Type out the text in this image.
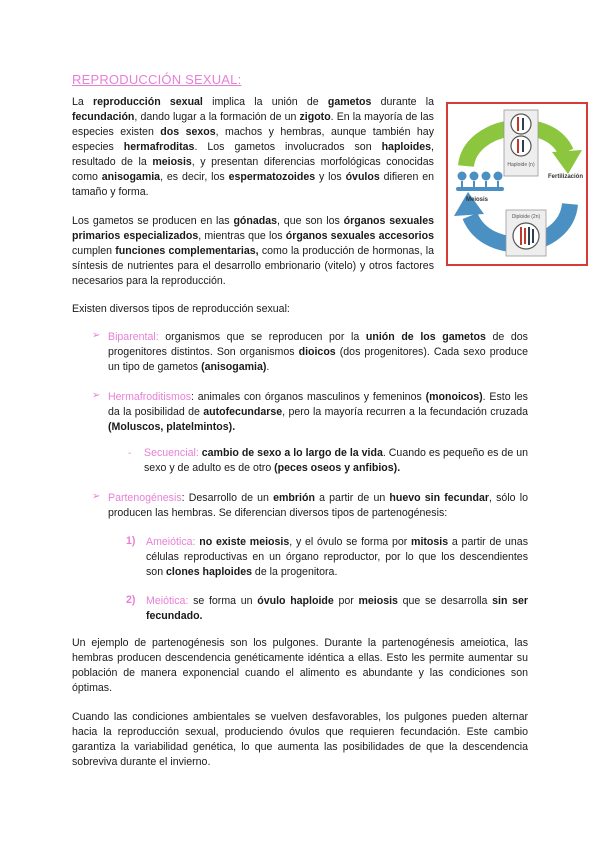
REPRODUCCIÓN SEXUAL:

La reproducción sexual implica la unión de gametos durante la fecundación, dando lugar a la formación de un zigoto. En la mayoría de las especies existen dos sexos, machos y hembras, aunque también hay especies hermafroditas. Los gametos involucrados son haploides, resultado de la meiosis, y presentan diferencias morfológicas conocidas como anisogamia, es decir, los espermatozoides y los óvulos difieren en tamaño y forma.

Haploide (n)
Meiosis
Fertilización
Diploide (2n)

Los gametos se producen en las gónadas, que son los órganos sexuales primarios especializados, mientras que los órganos sexuales accesorios cumplen funciones complementarias, como la producción de hormonas, la síntesis de nutrientes para el desarrollo embrionario (vitelo) y otros factores necesarios para la reproducción.

Existen diversos tipos de reproducción sexual:

➢ Biparental: organismos que se reproducen por la unión de los gametos de dos progenitores distintos. Son organismos dioicos (dos progenitores). Cada sexo produce un tipo de gametos (anisogamia).

➢ Hermafroditismos: animales con órganos masculinos y femeninos (monoicos). Esto les da la posibilidad de autofecundarse, pero la mayoría recurren a la fecundación cruzada (Moluscos, platelmintos).

- Secuencial: cambio de sexo a lo largo de la vida. Cuando es pequeño es de un sexo y de adulto es de otro (peces oseos y anfibios).

➢ Partenogénesis: Desarrollo de un embrión a partir de un huevo sin fecundar, sólo lo producen las hembras. Se diferencian diversos tipos de partenogénesis:

1) Ameiótica: no existe meiosis, y el óvulo se forma por mitosis a partir de unas células reproductivas en un órgano reproductor, por lo que los descendientes son clones haploides de la progenitora.

2) Meiótica: se forma un óvulo haploide por meiosis que se desarrolla sin ser fecundado.

Un ejemplo de partenogénesis son los pulgones. Durante la partenogénesis ameiotica, las hembras producen descendencia genéticamente idéntica a ellas. Esto les permite aumentar su población de manera exponencial cuando el alimento es abundante y las condiciones son óptimas.

Cuando las condiciones ambientales se vuelven desfavorables, los pulgones pueden alternar hacia la reproducción sexual, produciendo óvulos que requieren fecundación. Este cambio garantiza la variabilidad genética, lo que aumenta las posibilidades de que la descendencia sobreviva durante el invierno.
